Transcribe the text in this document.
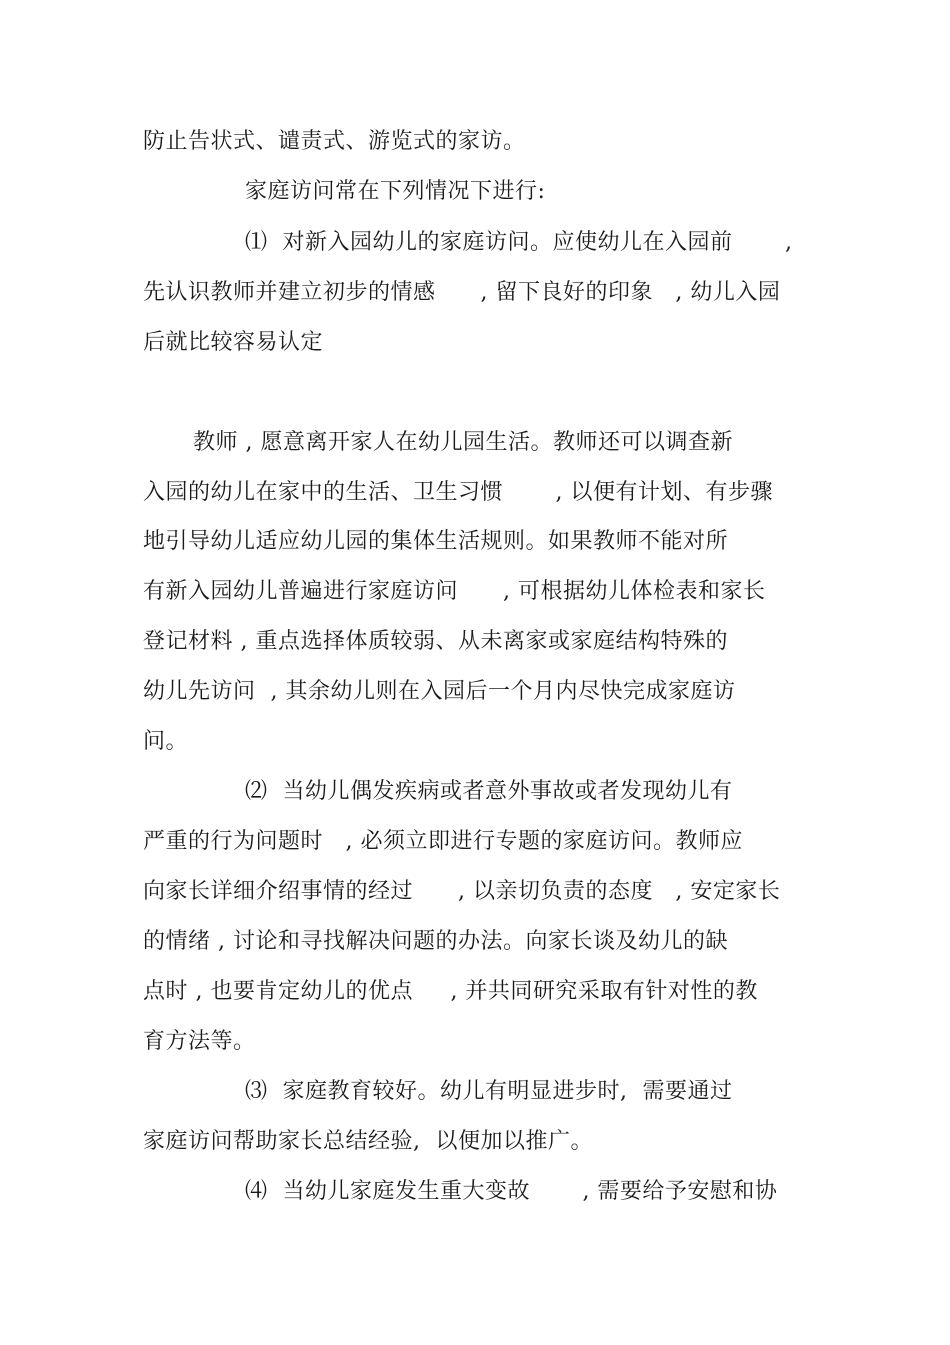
防止告状式、谴责式、游览式的家访。
家庭访问常在下列情况下进行:
⑴  对新入园幼儿的家庭访问。应使幼儿在入园前       ,
先认识教师并建立初步的情感      , 留下良好的印象   , 幼儿入园
后就比较容易认定
教师 , 愿意离开家人在幼儿园生活。教师还可以调查新
入园的幼儿在家中的生活、卫生习惯       , 以便有计划、有步骤
地引导幼儿适应幼儿园的集体生活规则。如果教师不能对所
有新入园幼儿普遍进行家庭访问      , 可根据幼儿体检表和家长
登记材料 , 重点选择体质较弱、从未离家或家庭结构特殊的
幼儿先访问  , 其余幼儿则在入园后一个月内尽快完成家庭访
问。
⑵  当幼儿偶发疾病或者意外事故或者发现幼儿有
严重的行为问题时   , 必须立即进行专题的家庭访问。教师应
向家长详细介绍事情的经过      , 以亲切负责的态度   , 安定家长
的情绪 , 讨论和寻找解决问题的办法。向家长谈及幼儿的缺
点时 , 也要肯定幼儿的优点     , 并共同研究采取有针对性的教
育方法等。
⑶  家庭教育较好。幼儿有明显进步时,  需要通过
家庭访问帮助家长总结经验,  以便加以推广。
⑷  当幼儿家庭发生重大变故       , 需要给予安慰和协
